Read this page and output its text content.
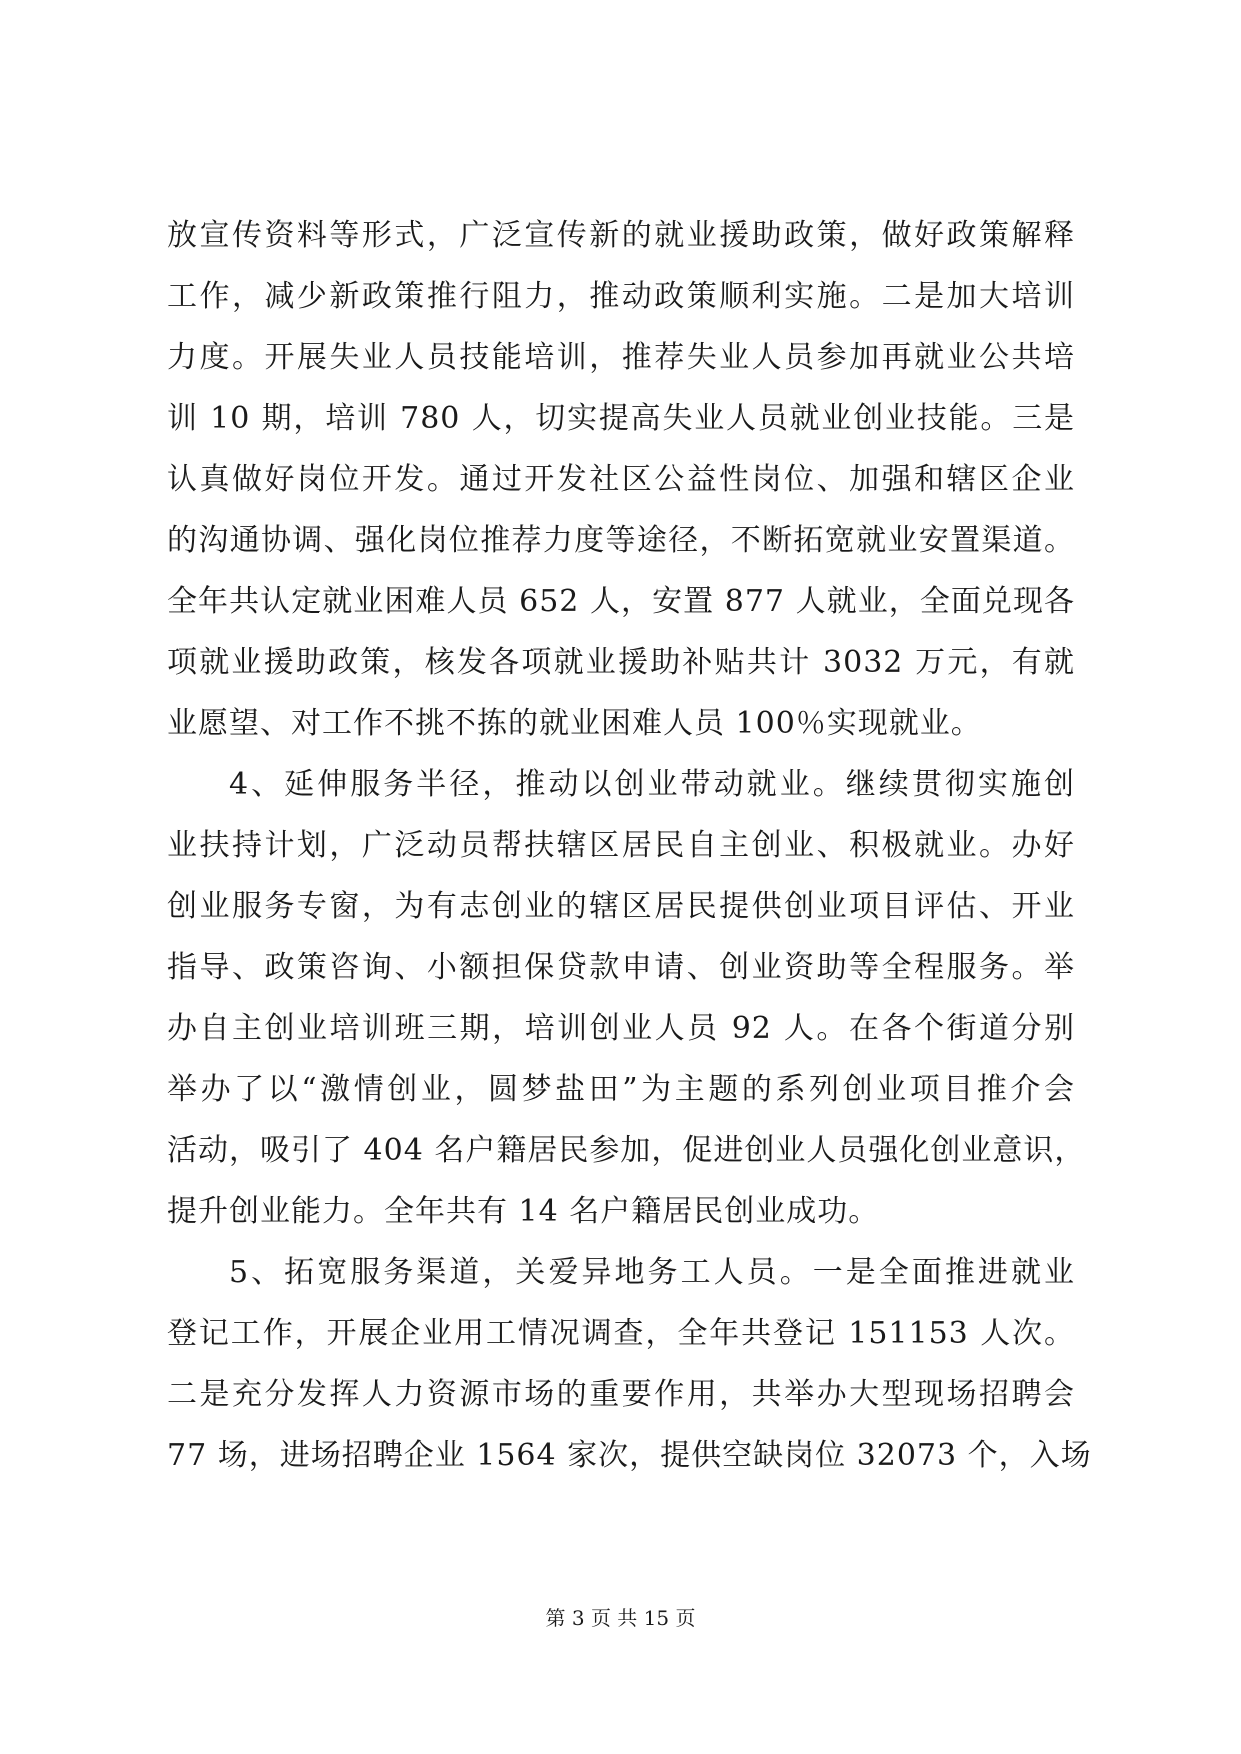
放宣传资料等形式，广泛宣传新的就业援助政策，做好政策解释
工作，减少新政策推行阻力，推动政策顺利实施。二是加大培训
力度。开展失业人员技能培训，推荐失业人员参加再就业公共培
训 10 期，培训 780 人，切实提高失业人员就业创业技能。三是
认真做好岗位开发。通过开发社区公益性岗位、加强和辖区企业
的沟通协调、强化岗位推荐力度等途径，不断拓宽就业安置渠道。
全年共认定就业困难人员 652 人，安置 877 人就业，全面兑现各
项就业援助政策，核发各项就业援助补贴共计 3032 万元，有就
业愿望、对工作不挑不拣的就业困难人员 100％实现就业。
4、延伸服务半径，推动以创业带动就业。继续贯彻实施创
业扶持计划，广泛动员帮扶辖区居民自主创业、积极就业。办好
创业服务专窗，为有志创业的辖区居民提供创业项目评估、开业
指导、政策咨询、小额担保贷款申请、创业资助等全程服务。举
办自主创业培训班三期，培训创业人员 92 人。在各个街道分别
举办了以“激情创业，圆梦盐田”为主题的系列创业项目推介会
活动，吸引了 404 名户籍居民参加，促进创业人员强化创业意识，
提升创业能力。全年共有 14 名户籍居民创业成功。
5、拓宽服务渠道，关爱异地务工人员。一是全面推进就业
登记工作，开展企业用工情况调查，全年共登记 151153 人次。
二是充分发挥人力资源市场的重要作用，共举办大型现场招聘会
77 场，进场招聘企业 1564 家次，提供空缺岗位 32073 个，入场
第 3 页 共 15 页
